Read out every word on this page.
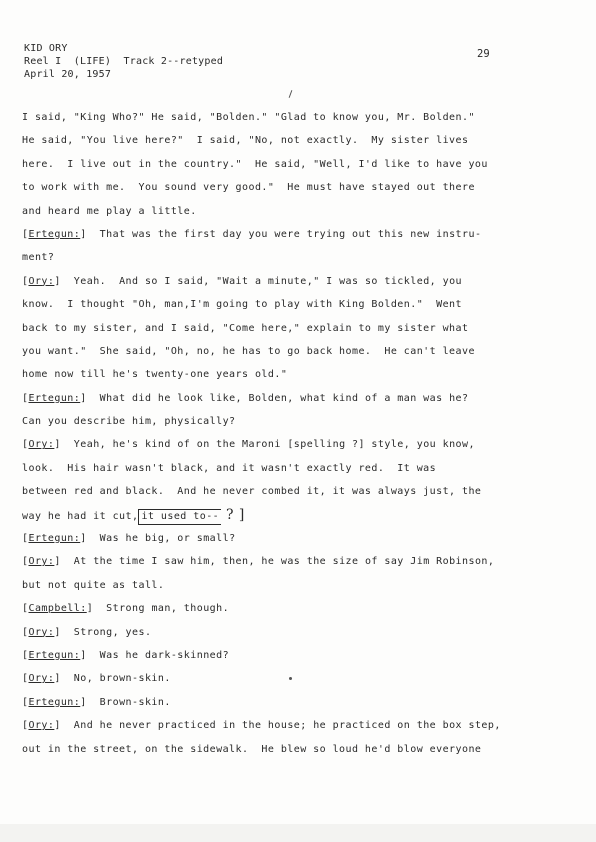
KID ORY
Reel I  (LIFE)  Track 2--retyped
April 20, 1957
29
I said, "King Who?" He said, "Bolden." "Glad to know you, Mr. Bolden."
He said, "You live here?"  I said, "No, not exactly.  My sister lives
here.  I live out in the country."  He said, "Well, I'd like to have you
to work with me.  You sound very good."  He must have stayed out there
and heard me play a little.
[Ertegun:]  That was the first day you were trying out this new instru-
ment?
[Ory:]  Yeah.  And so I said, "Wait a minute," I was so tickled, you
know.  I thought "Oh, man,I'm going to play with King Bolden."  Went
back to my sister, and I said, "Come here," explain to my sister what
you want."  She said, "Oh, no, he has to go back home.  He can't leave
home now till he's twenty-one years old."
[Ertegun:]  What did he look like, Bolden, what kind of a man was he?
Can you describe him, physically?
[Ory:]  Yeah, he's kind of on the Maroni [spelling ?] style, you know,
look.  His hair wasn't black, and it wasn't exactly red.  It was
between red and black.  And he never combed it, it was always just, the
way he had it cut, it used to-- ? ]
[Ertegun:]  Was he big, or small?
[Ory:]  At the time I saw him, then, he was the size of say Jim Robinson,
but not quite as tall.
[Campbell:]  Strong man, though.
[Ory:]  Strong, yes.
[Ertegun:]  Was he dark-skinned?
[Ory:]  No, brown-skin.
[Ertegun:]  Brown-skin.
[Ory:]  And he never practiced in the house; he practiced on the box step,
out in the street, on the sidewalk.  He blew so loud he'd blow everyone
